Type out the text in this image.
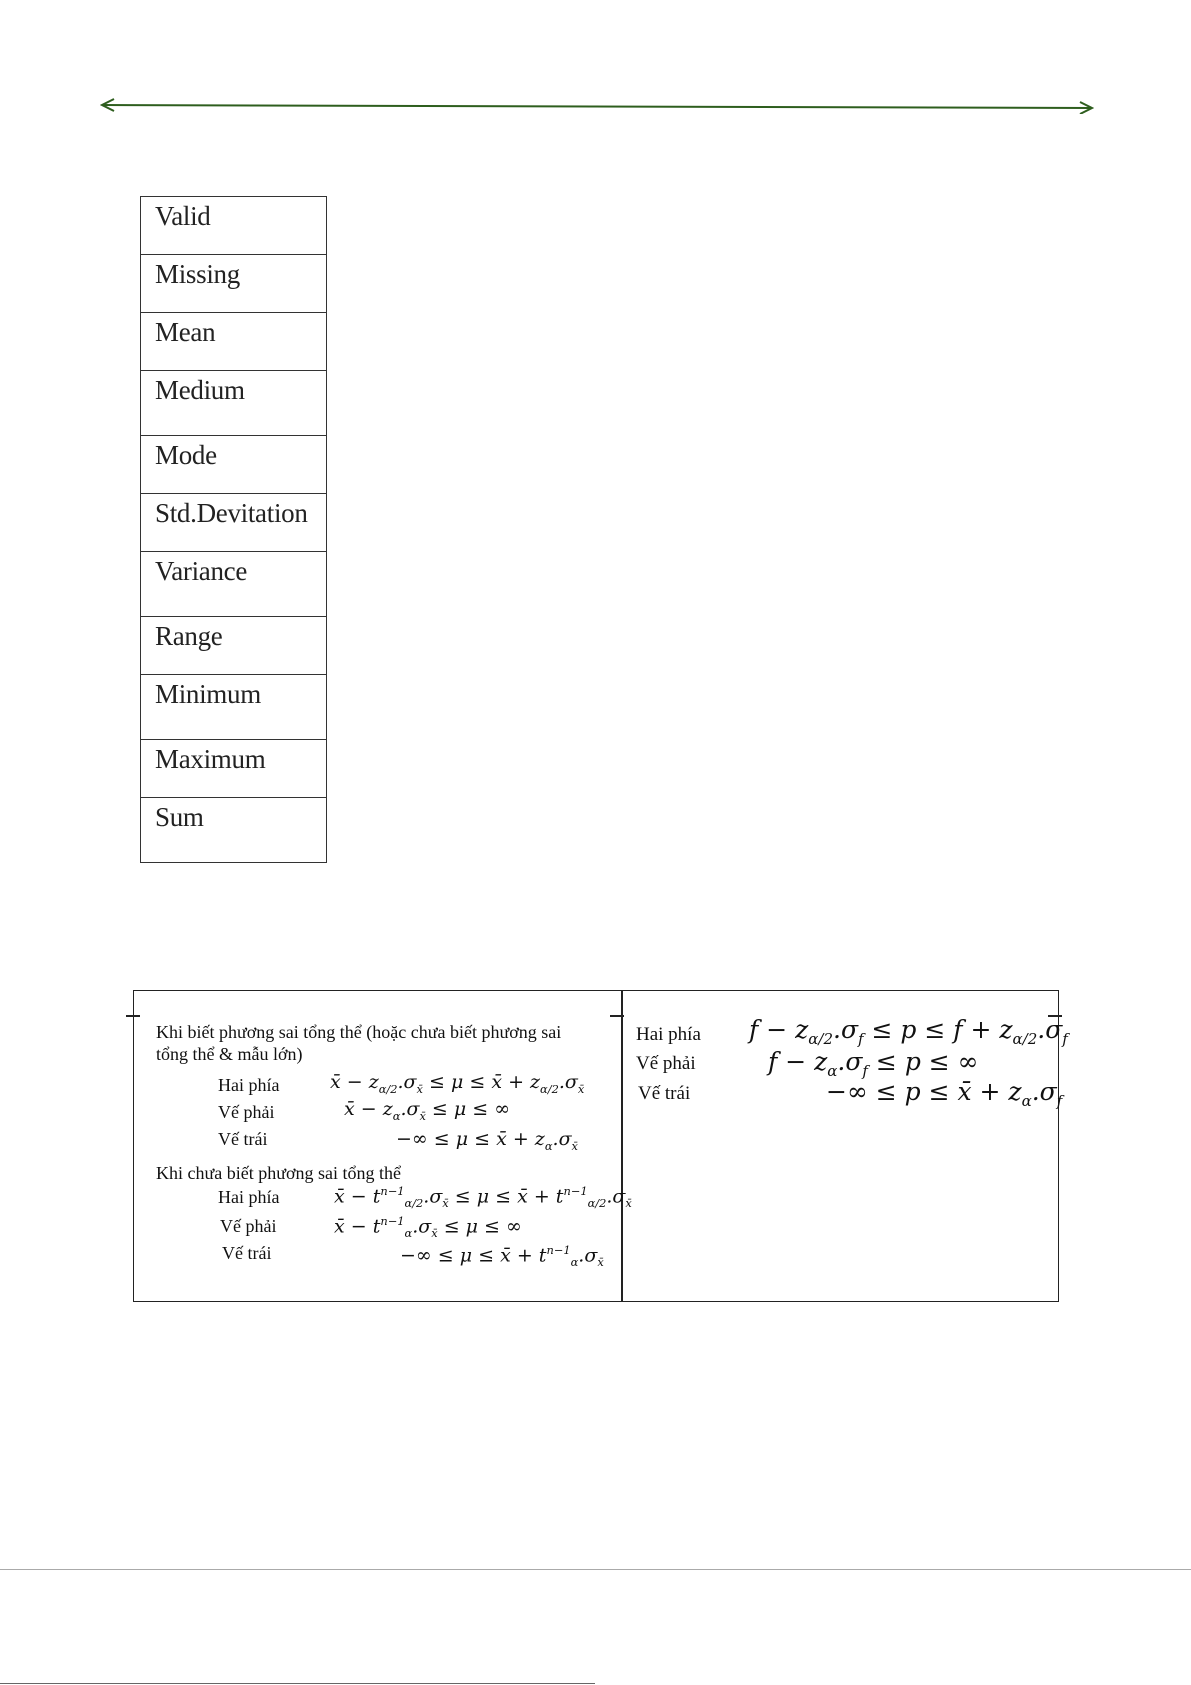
Valid
Missing
Mean
Medium
Mode
Std.Devitation
Variance
Range
Minimum
Maximum
Sum
Khi biết phương sai tổng thể (hoặc chưa biết phương sai
tổng thể & mẫu lớn)
Hai phía	x̄ − $z_{\alpha/2}.\sigma_{x̄} \le \mu$ ≤ x̄ + $z_{\alpha/2}.\sigma_{x̄}$
Vế phải	x̄ − $z_\alpha.\sigma_{x̄} \le \mu$ ≤ ∞
Vế trái	−∞ ≤ μ ≤ x̄ + $z_\alpha.\sigma_{x̄}$
Khi chưa biết phương sai tổng thể
Hai phía	x̄ − $t^{n-1}_{\alpha/2}.\sigma_{x̄} \le \mu$ ≤ x̄ + $t^{n-1}_{\alpha/2}.\sigma_{x̄}$
Vế phải	x̄ − $t^{n-1}_\alpha.\sigma_{x̄} \le \mu$ ≤ ∞
Vế trái	−∞ ≤ μ ≤ x̄ + $t^{n-1}_\alpha.\sigma_{x̄}$
Hai phía $f - z_{\alpha/2}.\sigma_f \le p \le f + z_{\alpha/2}.\sigma_f$
Vế phải	$f - z_\alpha.\sigma_f \le p$ ≤ ∞
Vế trái	−∞ ≤ p ≤ x̄ + $z_\alpha.\sigma_f$
